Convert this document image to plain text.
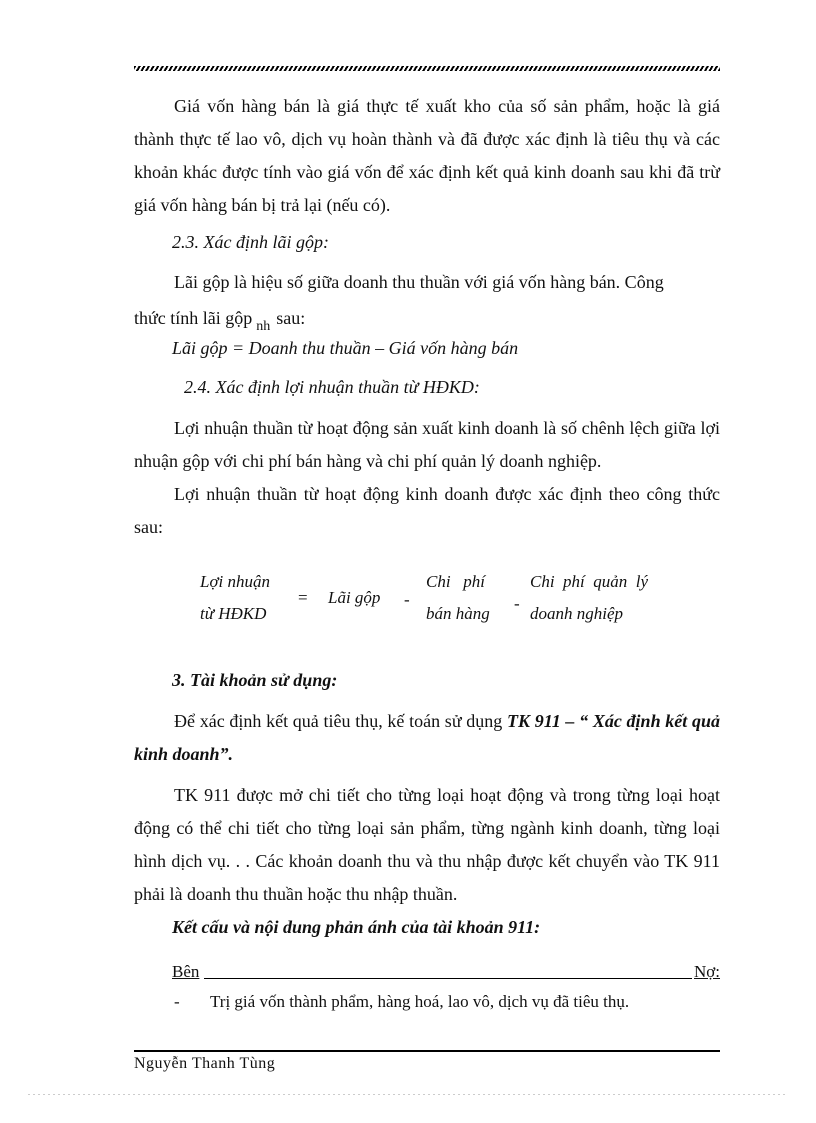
Giá vốn hàng bán là giá thực tế xuất kho của số sản phẩm, hoặc là giá thành thực tế lao vô, dịch vụ hoàn thành và đã được xác định là tiêu thụ và các khoản khác được tính vào giá vốn để xác định kết quả kinh doanh sau khi đã trừ giá vốn hàng bán bị trả lại (nếu có).
2.3. Xác định lãi gộp:
Lãi gộp là hiệu số giữa doanh thu thuần với giá vốn hàng bán. Công
thức tính lãi gộp $_{nh}$ sau:
Lãi gộp = Doanh thu thuần – Giá vốn hàng bán
2.4. Xác định lợi nhuận thuần từ HĐKD:
Lợi nhuận thuần từ hoạt động sản xuất kinh doanh là số chênh lệch giữa lợi nhuận gộp với chi phí bán hàng và chi phí quản lý doanh nghiệp.
Lợi nhuận thuần từ hoạt động kinh doanh được xác định theo công thức sau:
Lợi nhuận
từ HĐKD
= Lãi gộp -
Chi   phí
bán hàng
-
Chi  phí  quản  lý
doanh nghiệp
3. Tài khoản sử dụng:
Để xác định kết quả tiêu thụ, kế toán sử dụng TK 911 – “ Xác định kết quả kinh doanh”.
TK 911 được mở chi tiết cho từng loại hoạt động và trong từng loại hoạt động có thể chi tiết cho từng loại sản phẩm, từng ngành kinh doanh, từng loại hình dịch vụ. . . Các khoản doanh thu và thu nhập được kết chuyển vào TK 911 phải là doanh thu thuần hoặc thu nhập thuần.
Kết cấu và nội dung phản ánh của tài khoản 911:
Bên	Nợ:
- Trị giá vốn thành phẩm, hàng hoá, lao vô, dịch vụ đã tiêu thụ.
Nguyễn Thanh Tùng
